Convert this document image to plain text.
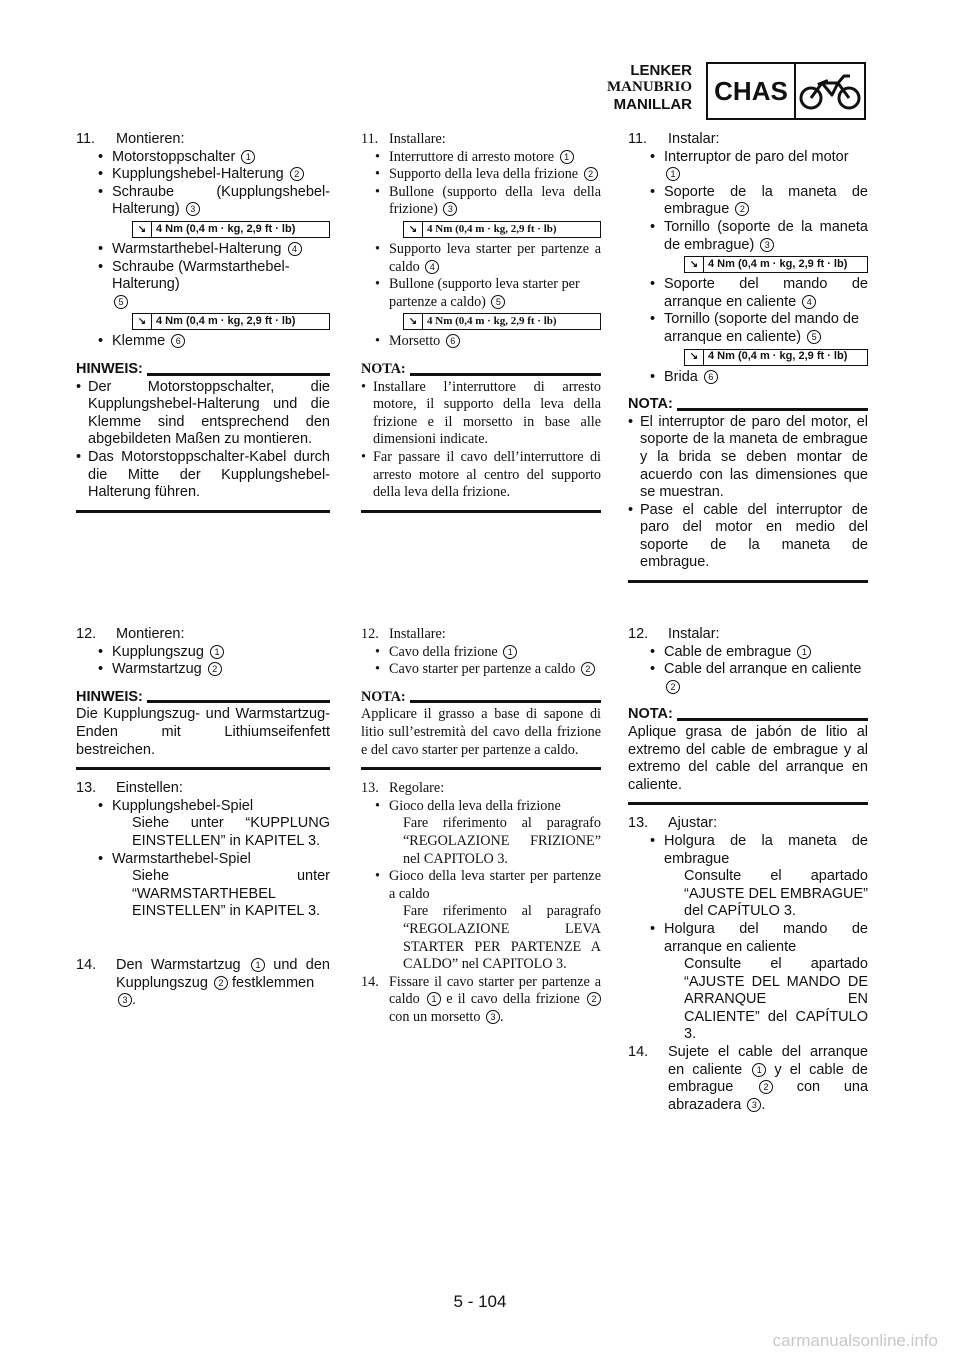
LENKER
MANUBRIO
MANILLAR CHAS
11.	Montieren:
• Motorstoppschalter 1
• Kupplungshebel-Halterung 2
• Schraube (Kupplungshebel-Halterung) 3
↘ 4 Nm (0,4 m · kg, 2,9 ft · lb)
• Warmstarthebel-Halterung 4
• Schraube (Warmstarthebel-Halterung)
5
↘ 4 Nm (0,4 m · kg, 2,9 ft · lb)
• Klemme 6
HINWEIS:
• Der Motorstoppschalter, die Kupplungshebel-Halterung und die Klemme sind entsprechend den abgebildeten Maßen zu montieren.
• Das Motorstoppschalter-Kabel durch die Mitte der Kupplungshebel-Halterung führen.
12.	Montieren:
• Kupplungszug 1
• Warmstartzug 2
HINWEIS:
Die Kupplungszug- und Warmstartzug-Enden mit Lithiumseifenfett bestreichen.
13.	Einstellen:
• Kupplungshebel-Spiel
Siehe unter “KUPPLUNG EINSTELLEN” in KAPITEL 3.
• Warmstarthebel-Spiel
Siehe unter “WARMSTARTHEBEL EINSTELLEN” in KAPITEL 3.
14.	Den Warmstartzug 1 und den Kupplungszug 2 festklemmen
3 .
11. Installare:
• Interruttore di arresto motore 1
• Supporto della leva della frizione 2
• Bullone (supporto della leva della frizione) 3
↘ 4 Nm (0,4 m · kg, 2,9 ft · lb)
• Supporto leva starter per partenze a caldo 4
• Bullone (supporto leva starter per partenze a caldo) 5
↘ 4 Nm (0,4 m · kg, 2,9 ft · lb)
• Morsetto 6
NOTA:
• Installare l’interruttore di arresto motore, il supporto della leva della frizione e il morsetto in base alle dimensioni indicate.
• Far passare il cavo dell’interruttore di arresto motore al centro del supporto della leva della frizione.
12. Installare:
• Cavo della frizione 1
• Cavo starter per partenze a caldo 2
NOTA:
Applicare il grasso a base di sapone di litio sull’estremità del cavo della frizione e del cavo starter per partenze a caldo.
13. Regolare:
• Gioco della leva della frizione
Fare riferimento al paragrafo “REGOLAZIONE FRIZIONE” nel CAPITOLO 3.
• Gioco della leva starter per partenze a caldo
Fare riferimento al paragrafo “REGOLAZIONE LEVA STARTER PER PARTENZE A CALDO” nel CAPITOLO 3.
14. Fissare il cavo starter per partenze a caldo 1 e il cavo della frizione 2 con un morsetto 3 .
11.	Instalar:
• Interruptor de paro del motor
1
• Soporte de la maneta de embrague 2
• Tornillo (soporte de la maneta de embrague) 3
↘ 4 Nm (0,4 m · kg, 2,9 ft · lb)
• Soporte del mando de arranque en caliente 4
• Tornillo (soporte del mando de arranque en caliente) 5
↘ 4 Nm (0,4 m · kg, 2,9 ft · lb)
• Brida 6
NOTA:
• El interruptor de paro del motor, el soporte de la maneta de embrague y la brida se deben montar de acuerdo con las dimensiones que se muestran.
• Pase el cable del interruptor de paro del motor en medio del soporte de la maneta de embrague.
12.	Instalar:
• Cable de embrague 1
• Cable del arranque en caliente
2
NOTA:
Aplique grasa de jabón de litio al extremo del cable de embrague y al extremo del cable del arranque en caliente.
13.	Ajustar:
• Holgura de la maneta de embrague
Consulte el apartado “AJUSTE DEL EMBRAGUE” del CAPÍTULO 3.
• Holgura del mando de arranque en caliente
Consulte el apartado “AJUSTE DEL MANDO DE ARRANQUE EN CALIENTE” del CAPÍTULO 3.
14.	Sujete el cable del arranque en caliente 1 y el cable de embrague	2 con una abrazadera 3 .
5 - 104
carmanualsonline.info
